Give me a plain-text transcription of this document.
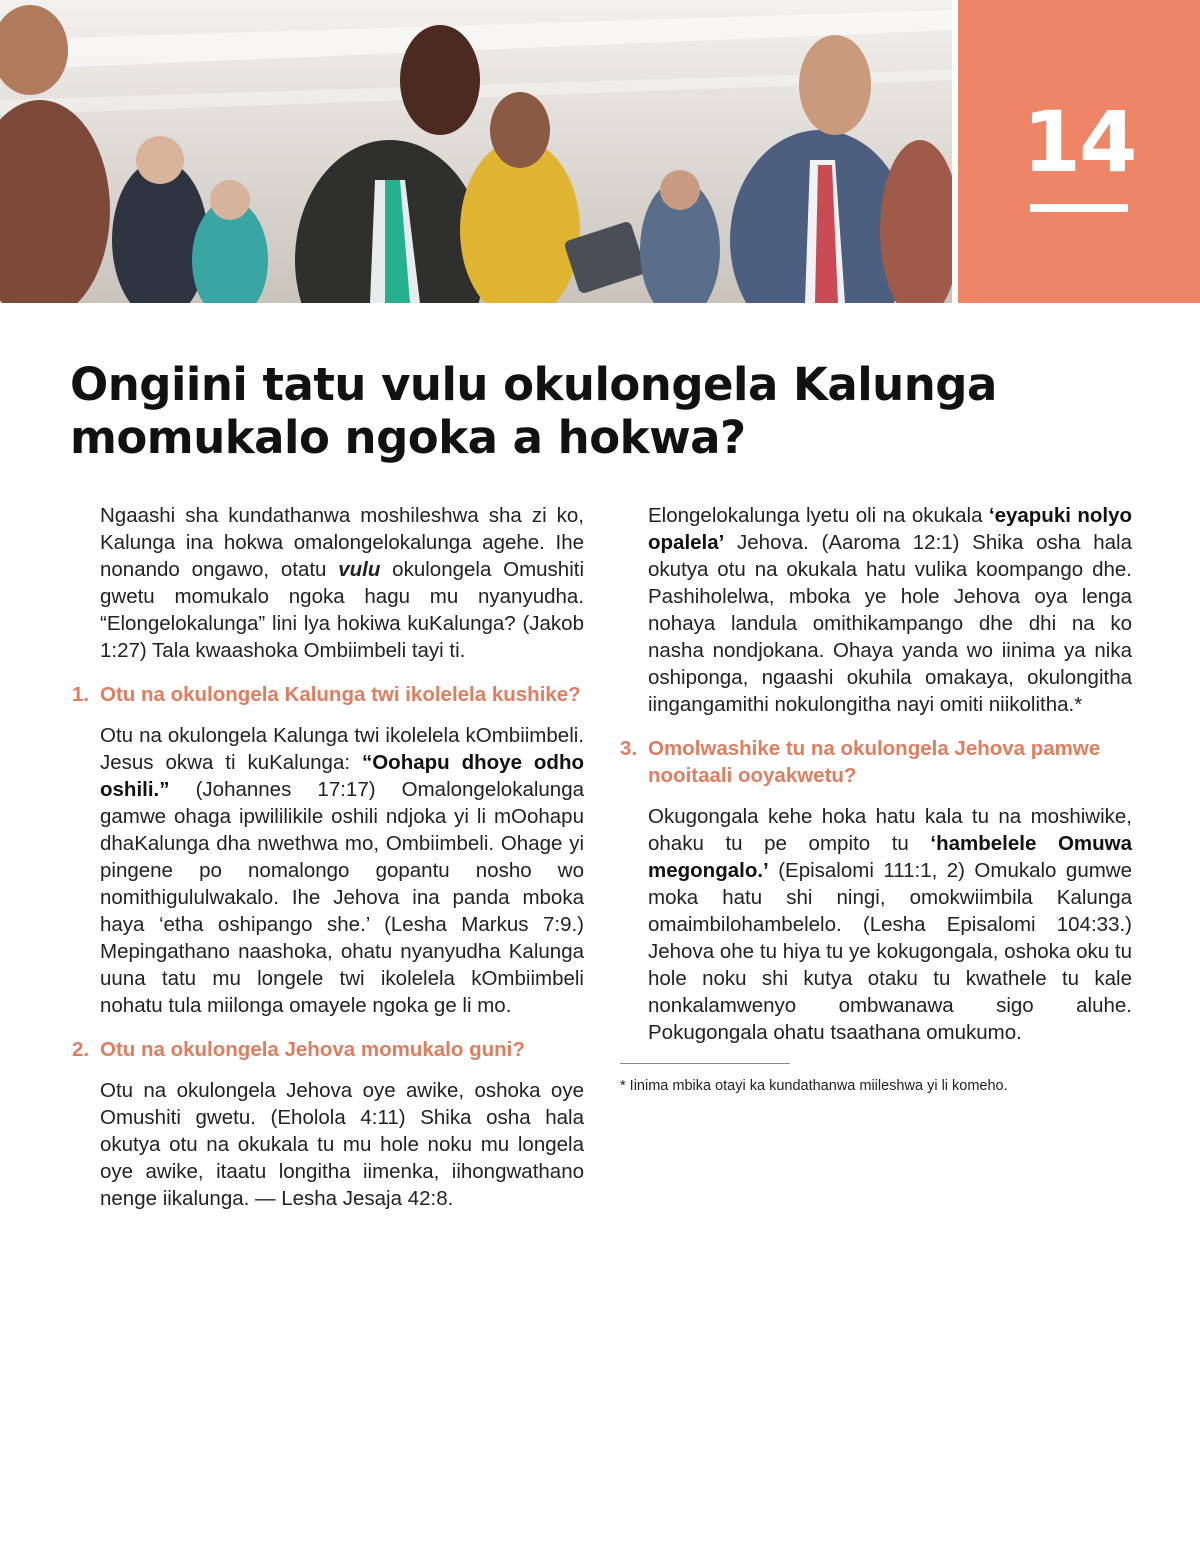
14
Ongiini tatu vulu okulongela Kalunga momukalo ngoka a hokwa?

Ngaashi sha kundathanwa moshileshwa sha zi ko, Kalunga ina hokwa omalongelokalunga agehe. Ihe nonando ongawo, otatu vulu okulongela Omushiti gwetu momukalo ngoka hagu mu nyanyudha. “Elongelokalunga” lini lya hokiwa kuKalunga? (Jakob 1:27) Tala kwaashoka Ombiimbeli tayi ti.

1. Otu na okulongela Kalunga twi ikolelela kushike?

Otu na okulongela Kalunga twi ikolelela kOmbiimbeli. Jesus okwa ti kuKalunga: “Oohapu dhoye odho oshili.” (Johannes 17:17) Omalongelokalunga gamwe ohaga ipwililikile oshili ndjoka yi li mOohapu dhaKalunga dha nwethwa mo, Ombiimbeli. Ohage yi pingene po nomalongo gopantu nosho wo nomithigululwakalo. Ihe Jehova ina panda mboka haya ‘etha oshipango she.’ (Lesha Markus 7:9.) Mepingathano naashoka, ohatu nyanyudha Kalunga uuna tatu mu longele twi ikolelela kOmbiimbeli nohatu tula miilonga omayele ngoka ge li mo.

2. Otu na okulongela Jehova momukalo guni?

Otu na okulongela Jehova oye awike, oshoka oye Omushiti gwetu. (Eholola 4:11) Shika osha hala okutya otu na okukala tu mu hole noku mu longela oye awike, itaatu longitha iimenka, iihongwathano nenge iikalunga. — Lesha Jesaja 42:8.

Elongelokalunga lyetu oli na okukala ‘eyapuki nolyo opalela’ Jehova. (Aaroma 12:1) Shika osha hala okutya otu na okukala hatu vulika koompango dhe. Pashiholelwa, mboka ye hole Jehova oya lenga nohaya landula omithikampango dhe dhi na ko nasha nondjokana. Ohaya yanda wo iinima ya nika oshiponga, ngaashi okuhila omakaya, okulongitha iingangamithi nokulongitha nayi omiti niikolitha.*

3. Omolwashike tu na okulongela Jehova pamwe nooitaali ooyakwetu?

Okugongala kehe hoka hatu kala tu na moshiwike, ohaku tu pe ompito tu ‘hambelele Omuwa megongalo.’ (Episalomi 111:1, 2) Omukalo gumwe moka hatu shi ningi, omokwiimbila Kalunga omaimbilohambelelo. (Lesha Episalomi 104:33.) Jehova ohe tu hiya tu ye kokugongala, oshoka oku tu hole noku shi kutya otaku tu kwathele tu kale nonkalamwenyo ombwanawa sigo aluhe. Pokugongala ohatu tsaathana omukumo.

* Iinima mbika otayi ka kundathanwa miileshwa yi li komeho.
